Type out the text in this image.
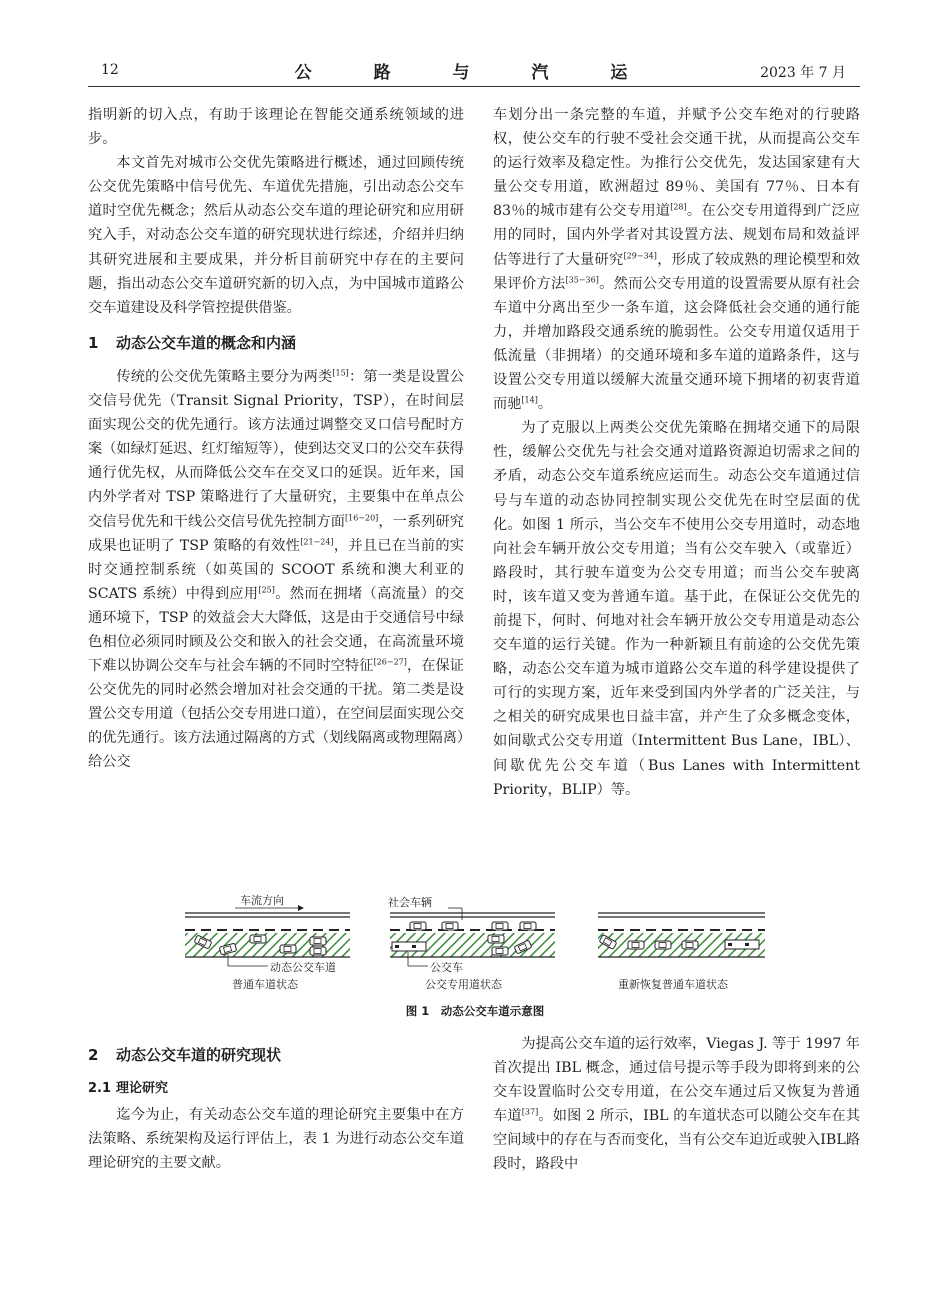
12	公 路 与 汽 运	2023 年 7 月

指明新的切入点，有助于该理论在智能交通系统领域的进步。

本文首先对城市公交优先策略进行概述，通过回顾传统公交优先策略中信号优先、车道优先措施，引出动态公交车道时空优先概念；然后从动态公交车道的理论研究和应用研究入手，对动态公交车道的研究现状进行综述，介绍并归纳其研究进展和主要成果，并分析目前研究中存在的主要问题，指出动态公交车道研究新的切入点，为中国城市道路公交车道建设及科学管控提供借鉴。

1 动态公交车道的概念和内涵

传统的公交优先策略主要分为两类[15]：第一类是设置公交信号优先（Transit Signal Priority，TSP），在时间层面实现公交的优先通行。该方法通过调整交叉口信号配时方案（如绿灯延迟、红灯缩短等），使到达交叉口的公交车获得通行优先权，从而降低公交车在交叉口的延误。近年来，国内外学者对 TSP 策略进行了大量研究，主要集中在单点公交信号优先和干线公交信号优先控制方面[16−20]，一系列研究成果也证明了 TSP 策略的有效性[21−24]，并且已在当前的实时交通控制系统（如英国的 SCOOT 系统和澳大利亚的 SCATS 系统）中得到应用[25]。然而在拥堵（高流量）的交通环境下，TSP 的效益会大大降低，这是由于交通信号中绿色相位必须同时顾及公交和嵌入的社会交通，在高流量环境下难以协调公交车与社会车辆的不同时空特征[26−27]，在保证公交优先的同时必然会增加对社会交通的干扰。第二类是设置公交专用道（包括公交专用进口道），在空间层面实现公交的优先通行。该方法通过隔离的方式（划线隔离或物理隔离）给公交

车划分出一条完整的车道，并赋予公交车绝对的行驶路权，使公交车的行驶不受社会交通干扰，从而提高公交车的运行效率及稳定性。为推行公交优先，发达国家建有大量公交专用道，欧洲超过 89％、美国有 77％、日本有 83％的城市建有公交专用道[28]。在公交专用道得到广泛应用的同时，国内外学者对其设置方法、规划布局和效益评估等进行了大量研究[29−34]，形成了较成熟的理论模型和效果评价方法[35−36]。然而公交专用道的设置需要从原有社会车道中分离出至少一条车道，这会降低社会交通的通行能力，并增加路段交通系统的脆弱性。公交专用道仅适用于低流量（非拥堵）的交通环境和多车道的道路条件，这与设置公交专用道以缓解大流量交通环境下拥堵的初衷背道而驰[14]。

为了克服以上两类公交优先策略在拥堵交通下的局限性，缓解公交优先与社会交通对道路资源迫切需求之间的矛盾，动态公交车道系统应运而生。动态公交车道通过信号与车道的动态协同控制实现公交优先在时空层面的优化。如图 1 所示，当公交车不使用公交专用道时，动态地向社会车辆开放公交专用道；当有公交车驶入（或靠近）路段时，其行驶车道变为公交专用道；而当公交车驶离时，该车道又变为普通车道。基于此，在保证公交优先的前提下，何时、何地对社会车辆开放公交专用道是动态公交车道的运行关键。作为一种新颖且有前途的公交优先策略，动态公交车道为城市道路公交车道的科学建设提供了可行的实现方案，近年来受到国内外学者的广泛关注，与之相关的研究成果也日益丰富，并产生了众多概念变体，如间歇式公交专用道（Intermittent Bus Lane，IBL）、间歇优先公交车道（Bus Lanes with Intermittent Priority，BLIP）等。

车流方向	社会车辆
动态公交车道	公交车
普通车道状态	公交专用道状态	重新恢复普通车道状态
图 1　动态公交车道示意图
2 动态公交车道的研究现状
2.1 理论研究

迄今为止，有关动态公交车道的理论研究主要集中在方法策略、系统架构及运行评估上，表 1 为进行动态公交车道理论研究的主要文献。

为提高公交车道的运行效率，Viegas J. 等于 1997 年首次提出 IBL 概念，通过信号提示等手段为即将到来的公交车设置临时公交专用道，在公交车通过后又恢复为普通车道[37]。如图 2 所示，IBL 的车道状态可以随公交车在其空间域中的存在与否而变化，当有公交车迫近或驶入IBL路段时，路段中
